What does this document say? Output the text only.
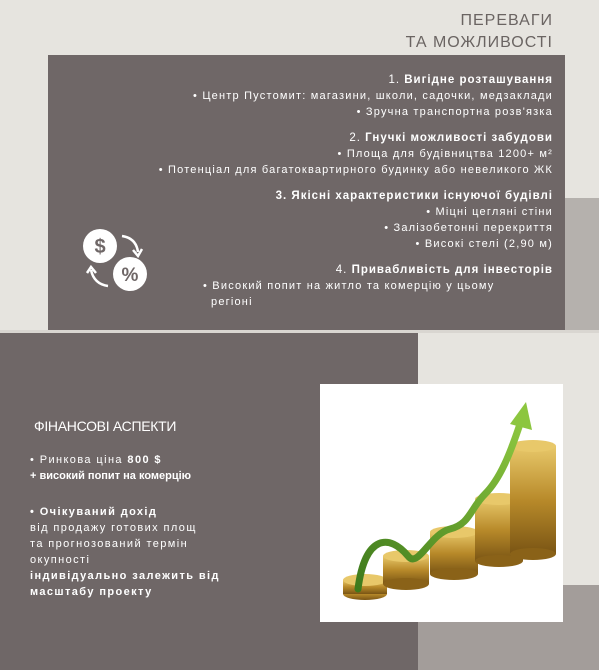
ПЕРЕВАГИ
ТА МОЖЛИВОСТІ
1. Вигідне розташування
• Центр Пустомит: магазини, школи, садочки, медзаклади
• Зручна транспортна розв'язка
2. Гнучкі можливості забудови
• Площа для будівництва 1200+ м²
• Потенціал для багатоквартирного будинку або невеликого ЖК
3. Якісні характеристики існуючої будівлі
• Міцні цегляні стіни
• Залізобетонні перекриття
• Високі стелі (2,90 м)
4. Привабливість для інвесторів
• Високий попит на житло та комерцію у цьому
регіоні
$
%
ФІНАНСОВІ АСПЕКТИ
• Ринкова ціна 800 $
+ високий попит на комерцію
• Очікуваний дохід
від продажу готових площ
та прогнозований термін окупності
індивідуально залежить від масштабу проекту
